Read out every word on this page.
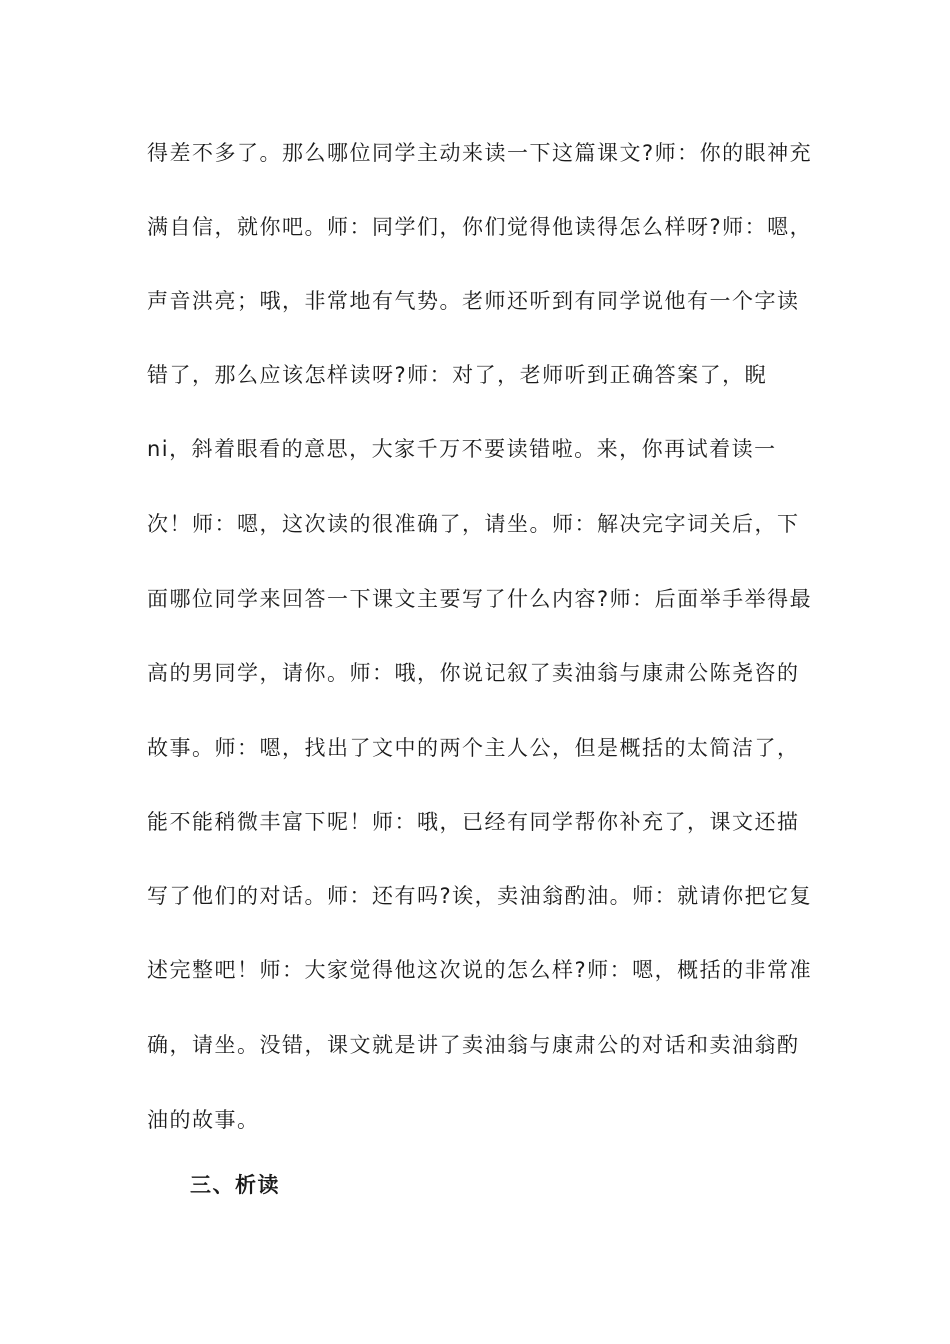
得差不多了。那么哪位同学主动来读一下这篇课文?师：你的眼神充
满自信，就你吧。师：同学们，你们觉得他读得怎么样呀?师：嗯，
声音洪亮；哦，非常地有气势。老师还听到有同学说他有一个字读
错了，那么应该怎样读呀?师：对了，老师听到正确答案了，睨
ni，斜着眼看的意思，大家千万不要读错啦。来，你再试着读一
次！师：嗯，这次读的很准确了，请坐。师：解决完字词关后，下
面哪位同学来回答一下课文主要写了什么内容?师：后面举手举得最
高的男同学，请你。师：哦，你说记叙了卖油翁与康肃公陈尧咨的
故事。师：嗯，找出了文中的两个主人公，但是概括的太简洁了，
能不能稍微丰富下呢！师：哦，已经有同学帮你补充了，课文还描
写了他们的对话。师：还有吗?诶，卖油翁酌油。师：就请你把它复
述完整吧！师：大家觉得他这次说的怎么样?师：嗯，概括的非常准
确，请坐。没错，课文就是讲了卖油翁与康肃公的对话和卖油翁酌
油的故事。
三、析读
